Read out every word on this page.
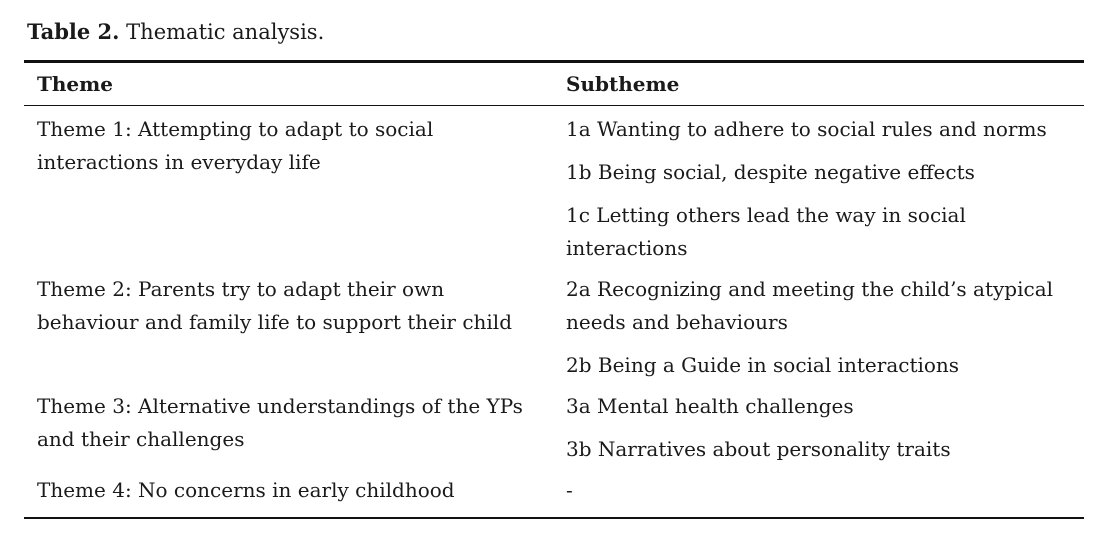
Table 2. Thematic analysis.
Theme	Subtheme
Theme 1: Attempting to adapt to social interactions in everyday life
1a Wanting to adhere to social rules and norms
1b Being social, despite negative effects
1c Letting others lead the way in social interactions
Theme 2: Parents try to adapt their own behaviour and family life to support their child
2a Recognizing and meeting the child’s atypical needs and behaviours
2b Being a Guide in social interactions
Theme 3: Alternative understandings of the YPs and their challenges
3a Mental health challenges
3b Narratives about personality traits
Theme 4: No concerns in early childhood	-
